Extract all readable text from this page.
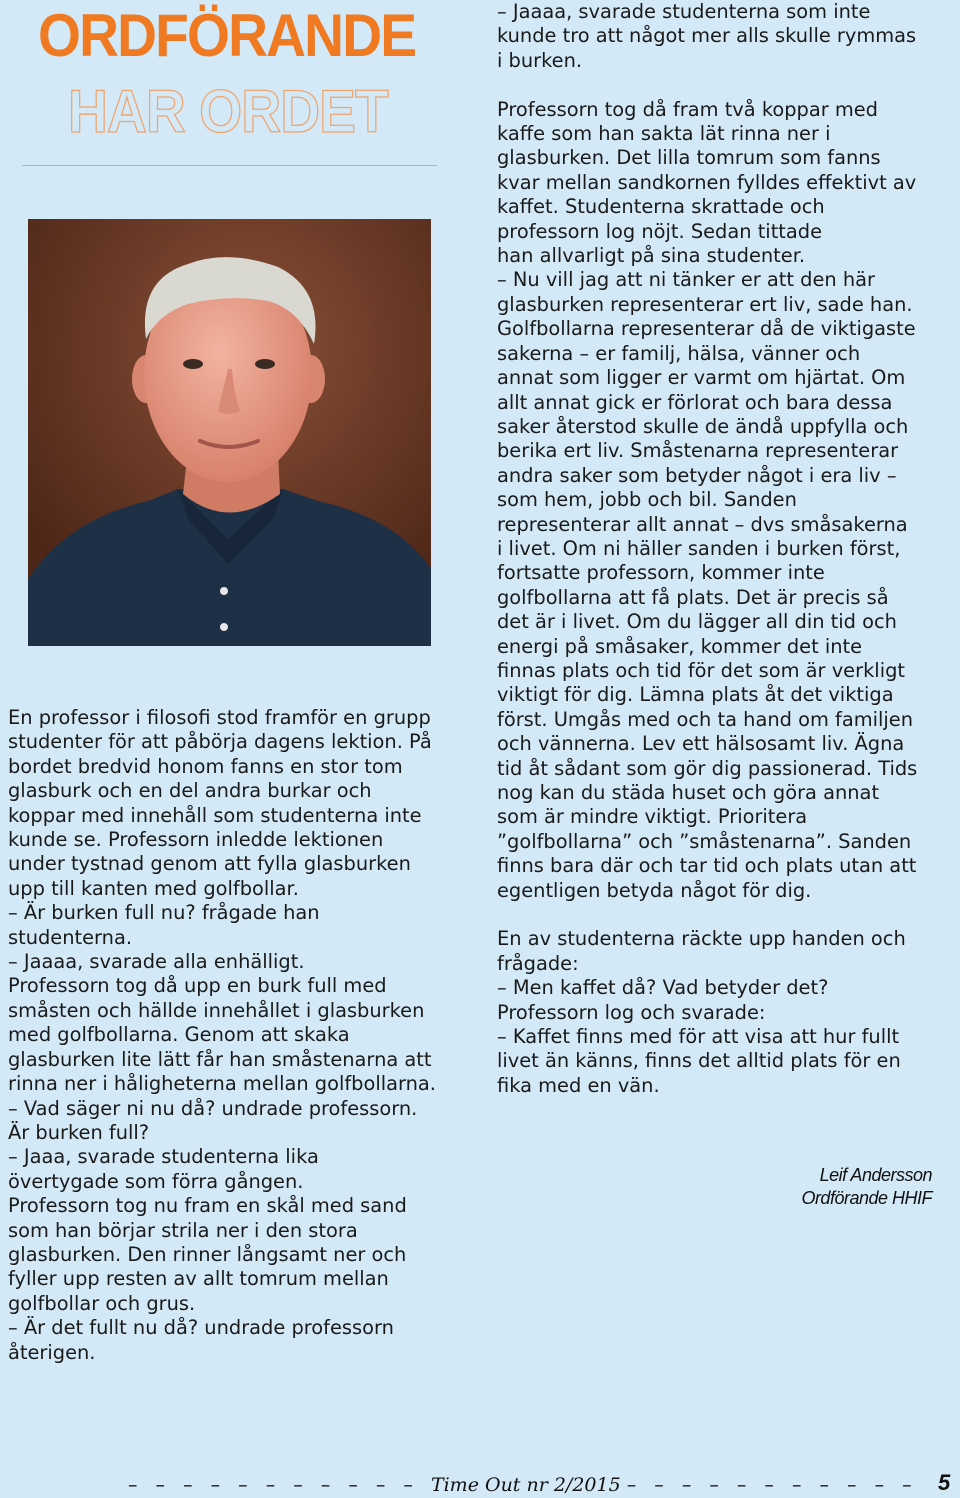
ORDFÖRANDE
HAR ORDET

En professor i filosofi stod framför en grupp
studenter för att påbörja dagens lektion. På
bordet bredvid honom fanns en stor tom
glasburk och en del andra burkar och
koppar med innehåll som studenterna inte
kunde se. Professorn inledde lektionen
under tystnad genom att fylla glasburken
upp till kanten med golfbollar.
– Är burken full nu? frågade han
studenterna.
– Jaaaa, svarade alla enhälligt.
Professorn tog då upp en burk full med
småsten och hällde innehållet i glasburken
med golfbollarna. Genom att skaka
glasburken lite lätt får han småstenarna att
rinna ner i håligheterna mellan golfbollarna.
– Vad säger ni nu då? undrade professorn.
Är burken full?
– Jaaa, svarade studenterna lika
övertygade som förra gången.
Professorn tog nu fram en skål med sand
som han börjar strila ner i den stora
glasburken. Den rinner långsamt ner och
fyller upp resten av allt tomrum mellan
golfbollar och grus.
– Är det fullt nu då? undrade professorn
återigen.

– Jaaaa, svarade studenterna som inte
kunde tro att något mer alls skulle rymmas
i burken.

Professorn tog då fram två koppar med
kaffe som han sakta lät rinna ner i
glasburken. Det lilla tomrum som fanns
kvar mellan sandkornen fylldes effektivt av
kaffet. Studenterna skrattade och
professorn log nöjt. Sedan tittade
han allvarligt på sina studenter.
– Nu vill jag att ni tänker er att den här
glasburken representerar ert liv, sade han.
Golfbollarna representerar då de viktigaste
sakerna – er familj, hälsa, vänner och
annat som ligger er varmt om hjärtat. Om
allt annat gick er förlorat och bara dessa
saker återstod skulle de ändå uppfylla och
berika ert liv. Småstenarna representerar
andra saker som betyder något i era liv –
som hem, jobb och bil. Sanden
representerar allt annat – dvs småsakerna
i livet. Om ni häller sanden i burken först,
fortsatte professorn, kommer inte
golfbollarna att få plats. Det är precis så
det är i livet. Om du lägger all din tid och
energi på småsaker, kommer det inte
finnas plats och tid för det som är verkligt
viktigt för dig. Lämna plats åt det viktiga
först. Umgås med och ta hand om familjen
och vännerna. Lev ett hälsosamt liv. Ägna
tid åt sådant som gör dig passionerad. Tids
nog kan du städa huset och göra annat
som är mindre viktigt. Prioritera
”golfbollarna” och ”småstenarna”. Sanden
finns bara där och tar tid och plats utan att
egentligen betyda något för dig.

En av studenterna räckte upp handen och
frågade:
– Men kaffet då? Vad betyder det?
Professorn log och svarade:
– Kaffet finns med för att visa att hur fullt
livet än känns, finns det alltid plats för en
fika med en vän.

Leif Andersson
Ordförande HHIF
– – – – – – – – – – – Time Out nr 2/2015 – – – – – – – – – – – 5
